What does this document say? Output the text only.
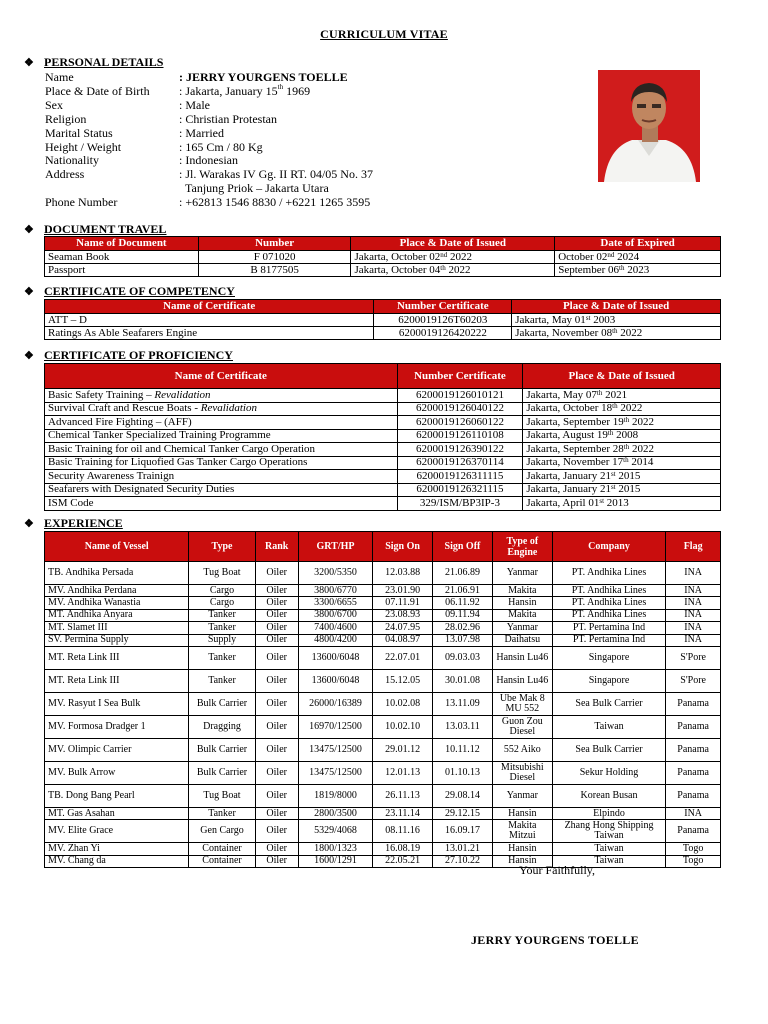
CURRICULUM VITAE
❖ PERSONAL DETAILS
Name	: JERRY YOURGENS TOELLE
Place & Date of Birth : Jakarta, January 15th 1969
Sex	: Male
Religion	: Christian Protestan
Marital Status	: Married
Height / Weight	: 165 Cm / 80 Kg
Nationality	: Indonesian
Address	: Jl. Warakas IV Gg. II RT. 04/05 No. 37
Tanjung Priok – Jakarta Utara
Phone Number	: +62813 1546 8830 / +6221 1265 3595
❖ DOCUMENT TRAVEL
Name of Document	Number	Place & Date of Issued	Date of Expired
Seaman Book	F 071020	Jakarta, October 02nd 2022	October 02nd 2024
Passport	B 8177505	Jakarta, October 04th 2022	September 06th 2023
❖ CERTIFICATE OF COMPETENCY
Name of Certificate	Number Certificate	Place & Date of Issued
ATT – D	6200019126T60203	Jakarta, May 01st 2003
Ratings As Able Seafarers Engine	6200019126420222	Jakarta, November 08th 2022
❖ CERTIFICATE OF PROFICIENCY
Name of Certificate	Number Certificate	Place & Date of Issued
Basic Safety Training – Revalidation	6200019126010121	Jakarta, May 07th 2021
Survival Craft and Rescue Boats - Revalidation	6200019126040122	Jakarta, October 18th 2022
Advanced Fire Fighting – (AFF)	6200019126060122	Jakarta, September 19th 2022
Chemical Tanker Specialized Training Programme	6200019126110108	Jakarta, August 19th 2008
Basic Training for oil and Chemical Tanker Cargo Operation	6200019126390122	Jakarta, September 28th 2022
Basic Training for Liquofied Gas Tanker Cargo Operations	6200019126370114	Jakarta, November 17th 2014
Security Awareness Trainign	6200019126311115	Jakarta, January 21st 2015
Seafarers with Designated Security Duties	6200019126321115	Jakarta, January 21st 2015
ISM Code	329/ISM/BP3IP-3	Jakarta, April 01st 2013
❖ EXPERIENCE
Name of Vessel	Type	Rank	GRT/HP	Sign On	Sign Off	Type of Engine	Company	Flag
TB. Andhika Persada	Tug Boat	Oiler	3200/5350	12.03.88	21.06.89	Yanmar	PT. Andhika Lines	INA
MV. Andhika Perdana	Cargo	Oiler	3800/6770	23.01.90	21.06.91	Makita	PT. Andhika Lines	INA
MV. Andhika Wanastia	Cargo	Oiler	3300/6655	07.11.91	06.11.92	Hansin	PT. Andhika Lines	INA
MT. Andhika Anyara	Tanker	Oiler	3800/6700	23.08.93	09.11.94	Makita	PT. Andhika Lines	INA
MT. Slamet III	Tanker	Oiler	7400/4600	24.07.95	28.02.96	Yanmar	PT. Pertamina Ind	INA
SV. Permina Supply	Supply	Oiler	4800/4200	04.08.97	13.07.98	Daihatsu	PT. Pertamina Ind	INA
MT. Reta Link III	Tanker	Oiler	13600/6048	22.07.01	09.03.03	Hansin Lu46	Singapore	S'Pore
MT. Reta Link III	Tanker	Oiler	13600/6048	15.12.05	30.01.08	Hansin Lu46	Singapore	S'Pore
MV. Rasyut I Sea Bulk	Bulk Carrier	Oiler	26000/16389	10.02.08	13.11.09	Ube Mak 8 MU 552	Sea Bulk Carrier	Panama
MV. Formosa Dradger 1	Dragging	Oiler	16970/12500	10.02.10	13.03.11	Guon Zou Diesel	Taiwan	Panama
MV. Olimpic Carrier	Bulk Carrier	Oiler	13475/12500	29.01.12	10.11.12	552 Aiko	Sea Bulk Carrier	Panama
MV. Bulk Arrow	Bulk Carrier	Oiler	13475/12500	12.01.13	01.10.13	Mitsubishi Diesel	Sekur Holding	Panama
TB. Dong Bang Pearl	Tug Boat	Oiler	1819/8000	26.11.13	29.08.14	Yanmar	Korean Busan	Panama
MT. Gas Asahan	Tanker	Oiler	2800/3500	23.11.14	29.12.15	Hansin	Elpindo	INA
MV. Elite Grace	Gen Cargo	Oiler	5329/4068	08.11.16	16.09.17	Makita Mitzui	Zhang Hong Shipping Taiwan	Panama
MV. Zhan Yi	Container	Oiler	1800/1323	16.08.19	13.01.21	Hansin	Taiwan	Togo
MV. Chang da	Container	Oiler	1600/1291	22.05.21	27.10.22	Hansin	Taiwan	Togo
Your Faithfully,
JERRY YOURGENS TOELLE
